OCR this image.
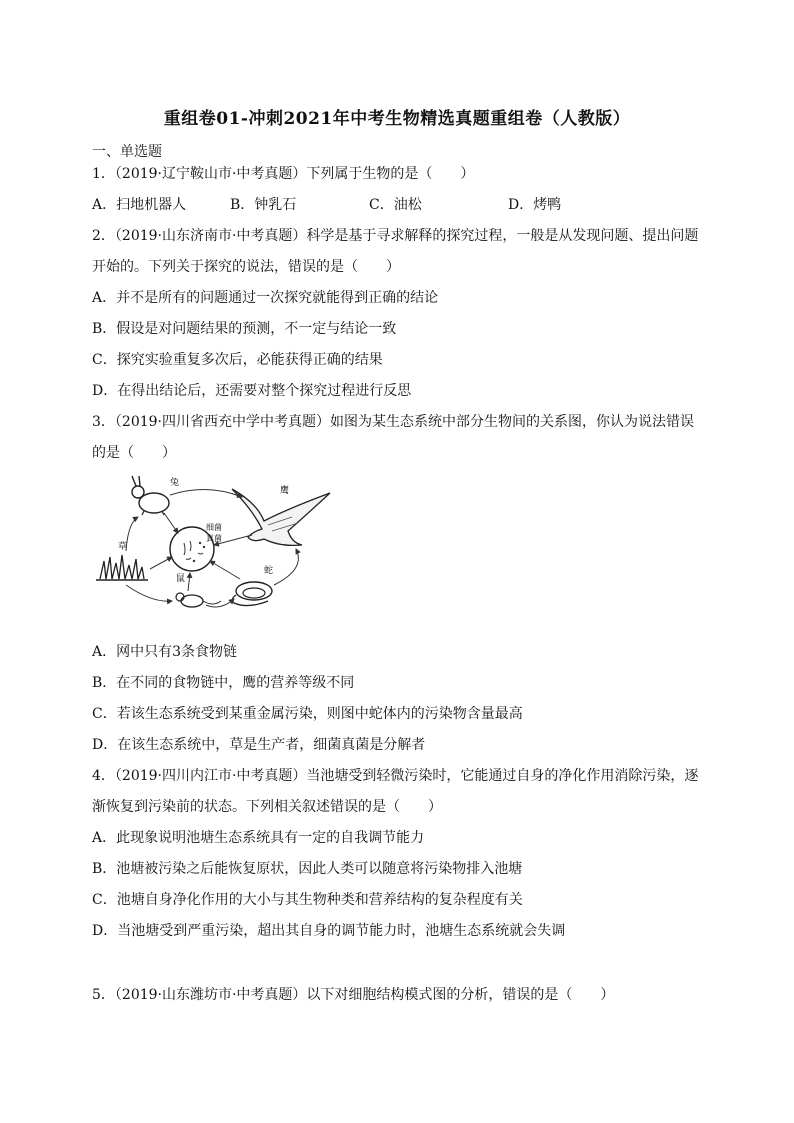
重组卷01-冲刺2021年中考生物精选真题重组卷（人教版）
一、单选题
1．（2019·辽宁鞍山市·中考真题）下列属于生物的是（　　）
A．扫地机器人	B．钟乳石	C．油松	D．烤鸭
2．（2019·山东济南市·中考真题）科学是基于寻求解释的探究过程，一般是从发现问题、提出问题
开始的。下列关于探究的说法，错误的是（　　）
A．并不是所有的问题通过一次探究就能得到正确的结论
B．假设是对问题结果的预测，不一定与结论一致
C．探究实验重复多次后，必能获得正确的结果
D．在得出结论后，还需要对整个探究过程进行反思
3．（2019·四川省西充中学中考真题）如图为某生态系统中部分生物间的关系图，你认为说法错误
的是（　　）
兔
鹰
细菌
真菌
草
鼠
蛇
A．网中只有3条食物链
B．在不同的食物链中，鹰的营养等级不同
C．若该生态系统受到某重金属污染，则图中蛇体内的污染物含量最高
D．在该生态系统中，草是生产者，细菌真菌是分解者
4．（2019·四川内江市·中考真题）当池塘受到轻微污染时，它能通过自身的净化作用消除污染，逐
渐恢复到污染前的状态。下列相关叙述错误的是（　　）
A．此现象说明池塘生态系统具有一定的自我调节能力
B．池塘被污染之后能恢复原状，因此人类可以随意将污染物排入池塘
C．池塘自身净化作用的大小与其生物种类和营养结构的复杂程度有关
D．当池塘受到严重污染，超出其自身的调节能力时，池塘生态系统就会失调
5．（2019·山东潍坊市·中考真题）以下对细胞结构模式图的分析，错误的是（　　）
